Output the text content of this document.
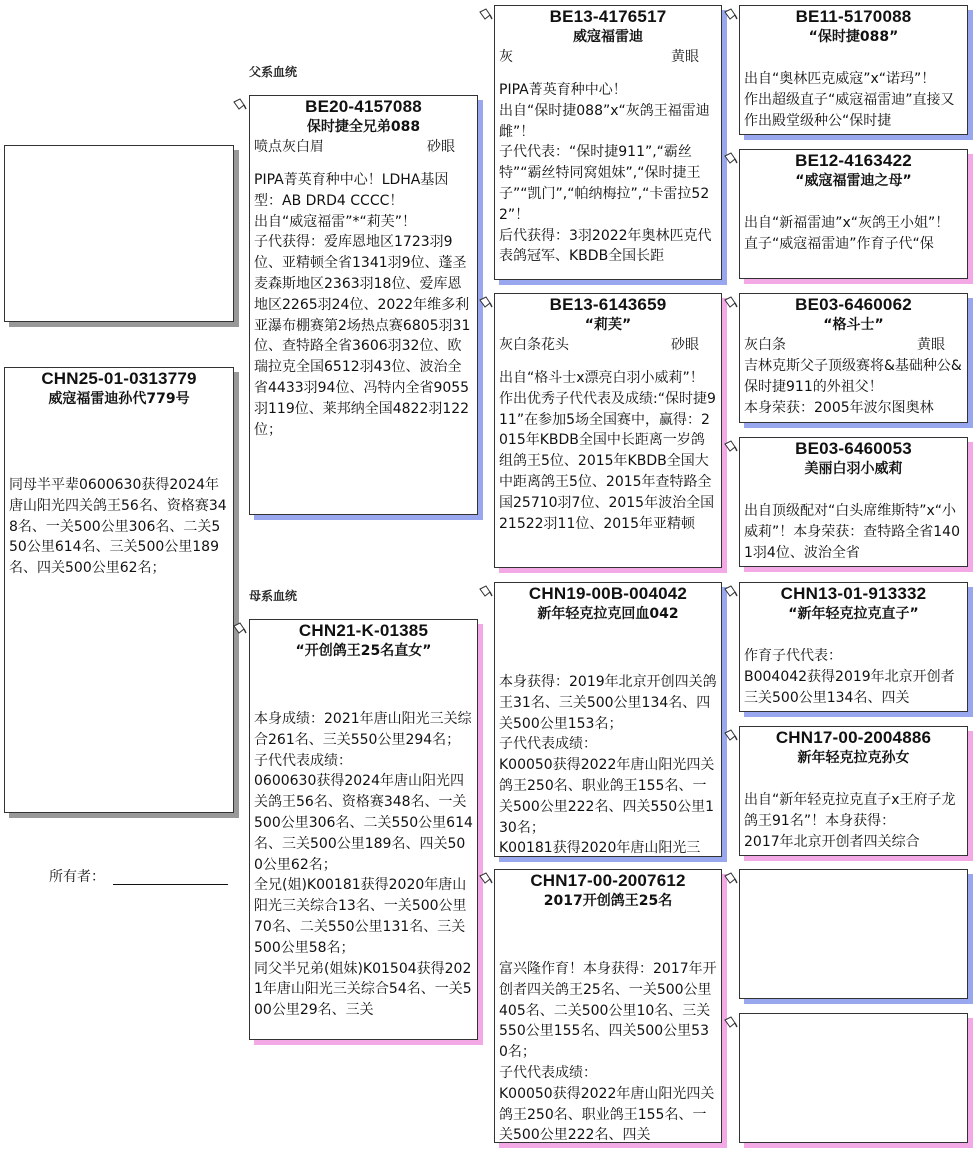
CHN25-01-0313779
威寇福雷迪孙代779号
同母半平辈0600630获得2024年唐山阳光四关鸽王56名、资格赛348名、一关500公里306名、二关550公里614名、三关500公里189名、四关500公里62名；
所有者：
父系血统
母系血统
BE20-4157088
保时捷全兄弟088
喷点灰白眉	砂眼
PIPA菁英育种中心！LDHA基因型：AB DRD4 CCCC！
出自“威寇福雷”*“莉芙”！
子代获得：爱库恩地区1723羽9位、亚精顿全省1341羽9位、蓬圣麦森斯地区2363羽18位、爱库恩地区2265羽24位、2022年维多利亚瀑布棚赛第2场热点赛6805羽31位、查特路全省3606羽32位、欧瑞拉克全国6512羽43位、波治全省4433羽94位、冯特内全省9055羽119位、莱邦纳全国4822羽122位；
CHN21-K-01385
“开创鸽王25名直女”
本身成绩：2021年唐山阳光三关综合261名、三关550公里294名；
子代代表成绩：
0600630获得2024年唐山阳光四关鸽王56名、资格赛348名、一关500公里306名、二关550公里614名、三关500公里189名、四关500公里62名；
全兄(姐)K00181获得2020年唐山阳光三关综合13名、一关500公里70名、二关550公里131名、三关500公里58名；
同父半兄弟(姐妹)K01504获得2021年唐山阳光三关综合54名、一关500公里29名、三关
BE13-4176517
威寇福雷迪
灰	黄眼
PIPA菁英育种中心！
出自“保时捷088”x“灰鸽王福雷迪雌”！
子代代表：“保时捷911”,“霸丝特”“霸丝特同窝姐妹”,“保时捷王子”“凯门”,“帕纳梅拉”,“卡雷拉522”！
后代获得：3羽2022年奥林匹克代表鸽冠军、KBDB全国长距
BE13-6143659
“莉芙”
灰白条花头	砂眼
出自“格斗士x漂亮白羽小威莉”！作出优秀子代代表及成绩:“保时捷911”在参加5场全国赛中，赢得：2015年KBDB全国中长距离一岁鸽组鸽王5位、2015年KBDB全国大中距离鸽王5位、2015年查特路全国25710羽7位、2015年波治全国21522羽11位、2015年亚精顿
CHN19-00B-004042
新年轻克拉克回血042
本身获得：2019年北京开创四关鸽王31名、三关500公里134名、四关500公里153名；
子代代表成绩：
K00050获得2022年唐山阳光四关鸽王250名、职业鸽王155名、一关500公里222名、四关550公里130名；
K00181获得2020年唐山阳光三
CHN17-00-2007612
2017开创鸽王25名
富兴隆作育！本身获得：2017年开创者四关鸽王25名、一关500公里405名、二关500公里10名、三关550公里155名、四关500公里530名；
子代代表成绩：
K00050获得2022年唐山阳光四关鸽王250名、职业鸽王155名、一关500公里222名、四关
BE11-5170088
“保时捷088”
出自“奥林匹克威寇”x“诺玛”！
作出超级直子“威寇福雷迪”直接又作出殿堂级种公“保时捷
BE12-4163422
“威寇福雷迪之母”
出自“新福雷迪”x“灰鸽王小姐”！
直子“威寇福雷迪”作育子代“保
BE03-6460062
“格斗士”
灰白条	黄眼
吉林克斯父子顶级赛将&基础种公&保时捷911的外祖父！
本身荣获：2005年波尔图奥林
BE03-6460053
美丽白羽小威莉
出自顶级配对“白头席维斯特”x“小威莉”！本身荣获：查特路全省1401羽4位、波治全省
CHN13-01-913332
“新年轻克拉克直子”
作育子代代表：
B004042获得2019年北京开创者三关500公里134名、四关
CHN17-00-2004886
新年轻克拉克孙女
出自“新年轻克拉克直子x王府子龙鸽王91名”！本身获得：
2017年北京开创者四关综合
